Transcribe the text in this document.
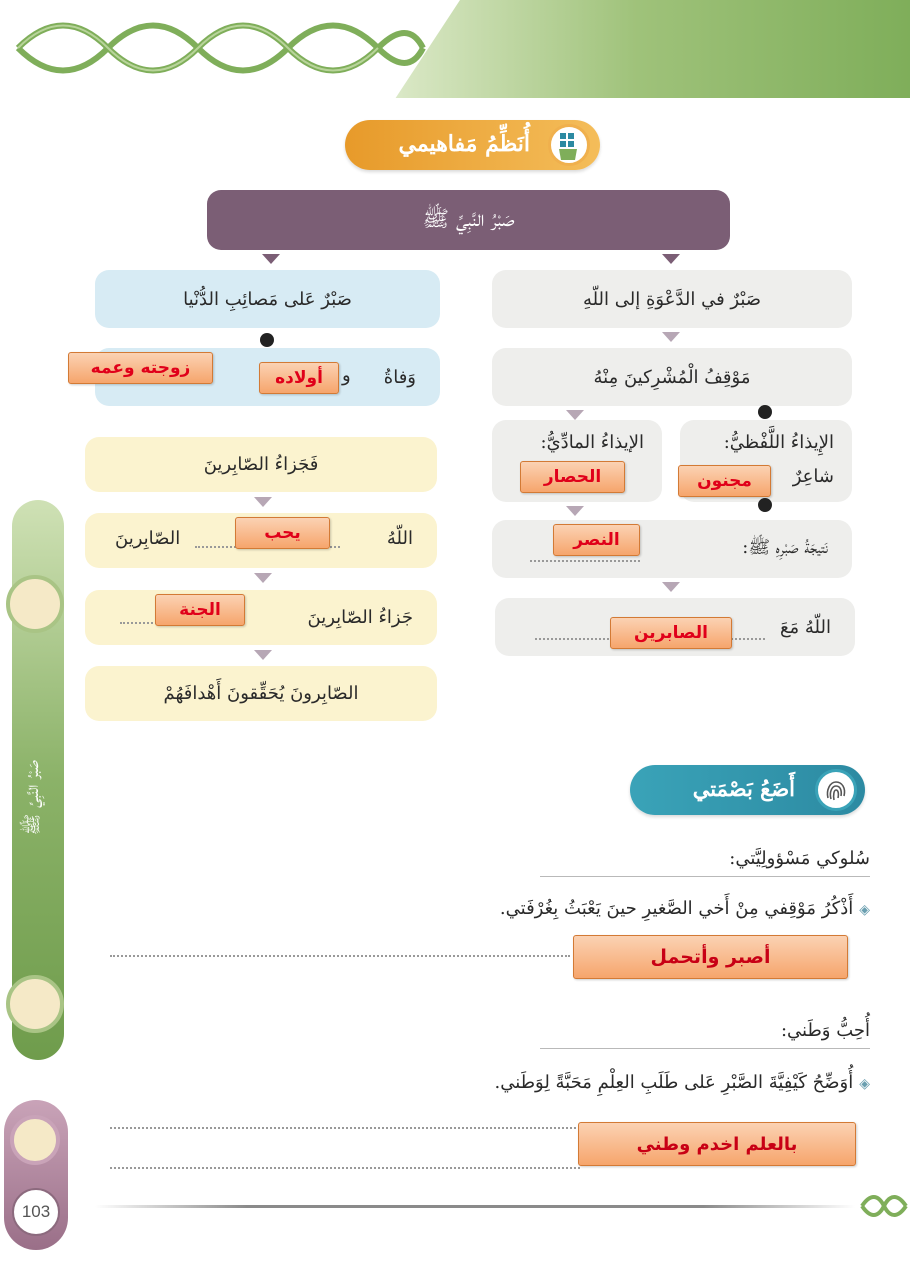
أُنَظِّمُ مَفاهيمي
صَبْرُ النَّبِيِّ ﷺ
صَبْرٌ في الدَّعْوَةِ إلى اللّهِ
مَوْقِفُ الْمُشْرِكينَ مِنْهُ
الإيذاءُ المادِّيُّ:	الإِيذاءُ اللَّفْظيُّ:
شاعِرٌ
الحصار	مجنون
نَتيجَةُ صَبْرِهِ ﷺ:
النصر
اللّهُ مَعَ
الصابرين
صَبْرٌ عَلى مَصائِبِ الدُّنْيا
وَفاةُ
و
أولاده
زوجته وعمه
فَجَزاءُ الصّابِرينَ
اللّهُ
الصّابِرينَ	يحب
جَزاءُ الصّابِرينَ
الجنة
الصّابِرونَ يُحَقِّقونَ أَهْدافَهُمْ
أَضَعُ بَصْمَتي
سُلوكي مَسْؤولِيَّتي:
◈أَذْكُرُ مَوْقِفي مِنْ أَخي الصَّغيرِ حينَ يَعْبَثُ بِغُرْفَتي.
أصبر وأتحمل
أُحِبُّ وَطَني:
◈أُوَضِّحُ كَيْفِيَّةَ الصَّبْرِ عَلى طَلَبِ العِلْمِ مَحَبَّةً لِوَطَني.
بالعلم اخدم وطني
صَبْرُ النَّبِيِّ ﷺ
103
